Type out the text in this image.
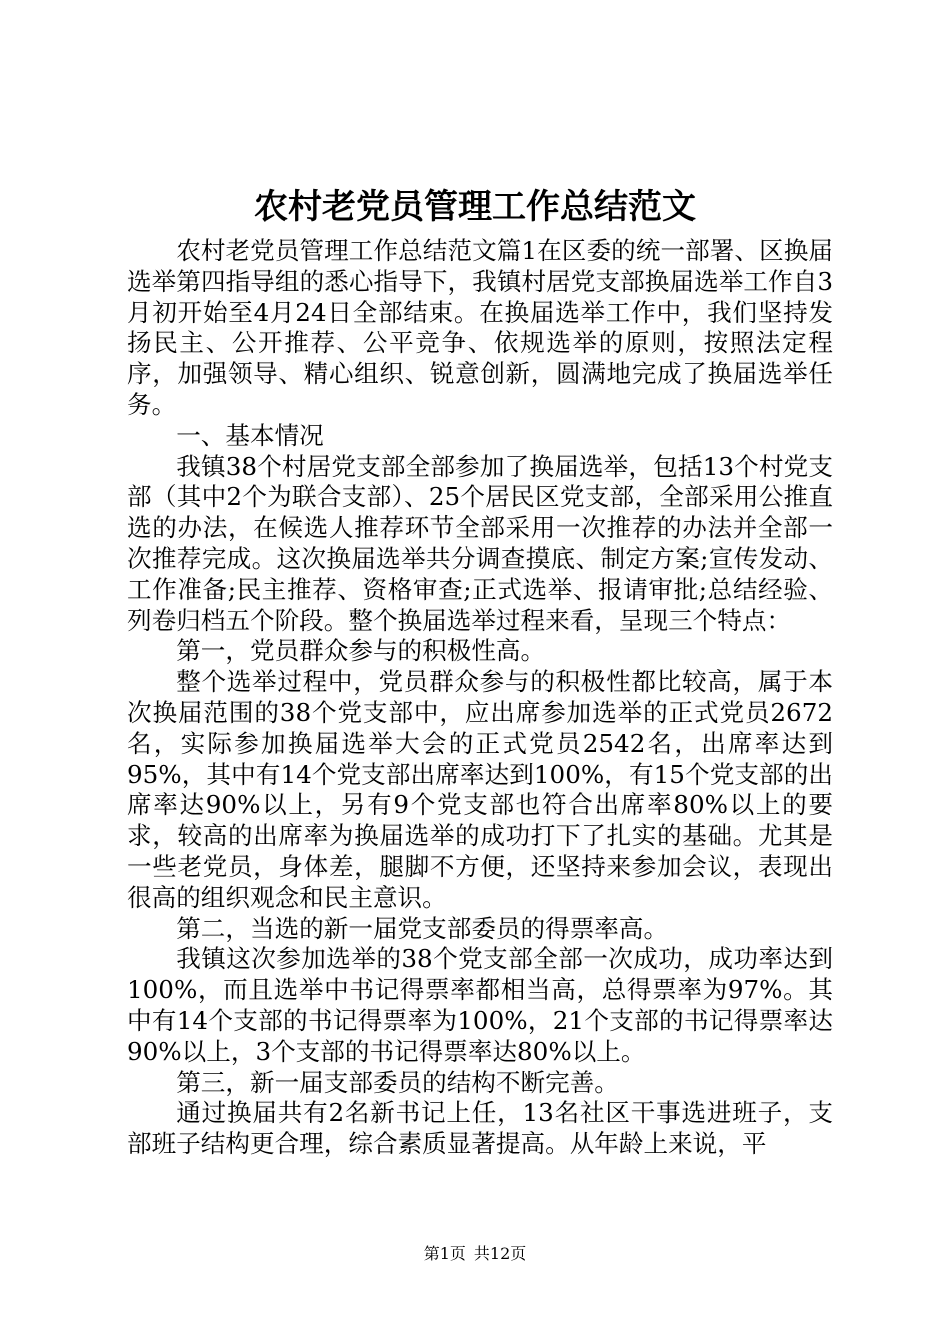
农村老党员管理工作总结范文

农村老党员管理工作总结范文篇1在区委的统一部署、区换届选举第四指导组的悉心指导下，我镇村居党支部换届选举工作自3月初开始至4月24日全部结束。在换届选举工作中，我们坚持发扬民主、公开推荐、公平竞争、依规选举的原则，按照法定程序，加强领导、精心组织、锐意创新，圆满地完成了换届选举任务。

一、基本情况

我镇38个村居党支部全部参加了换届选举，包括13个村党支部（其中2个为联合支部）、25个居民区党支部，全部采用公推直选的办法，在候选人推荐环节全部采用一次推荐的办法并全部一次推荐完成。这次换届选举共分调查摸底、制定方案;宣传发动、工作准备;民主推荐、资格审查;正式选举、报请审批;总结经验、列卷归档五个阶段。整个换届选举过程来看，呈现三个特点：

第一，党员群众参与的积极性高。

整个选举过程中，党员群众参与的积极性都比较高，属于本次换届范围的38个党支部中，应出席参加选举的正式党员2672名，实际参加换届选举大会的正式党员2542名，出席率达到95%，其中有14个党支部出席率达到100%，有15个党支部的出席率达90%以上，另有9个党支部也符合出席率80%以上的要求，较高的出席率为换届选举的成功打下了扎实的基础。尤其是一些老党员，身体差，腿脚不方便，还坚持来参加会议，表现出很高的组织观念和民主意识。

第二，当选的新一届党支部委员的得票率高。

我镇这次参加选举的38个党支部全部一次成功，成功率达到100%，而且选举中书记得票率都相当高，总得票率为97%。其中有14个支部的书记得票率为100%，21个支部的书记得票率达90%以上，3个支部的书记得票率达80%以上。

第三，新一届支部委员的结构不断完善。

通过换届共有2名新书记上任，13名社区干事选进班子，支部班子结构更合理，综合素质显著提高。从年龄上来说，平

第1页 共12页
